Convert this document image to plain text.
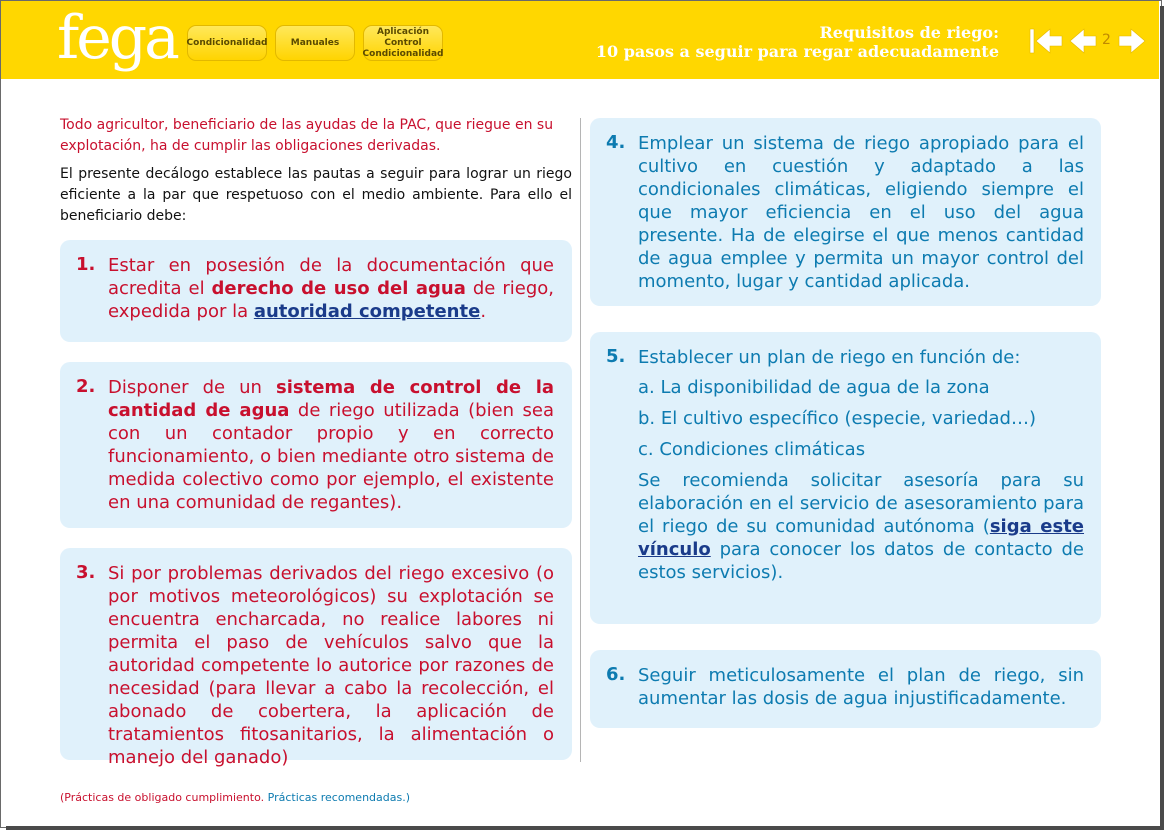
fega Condicionalidad	Manuales
Aplicación
Control
Condicionalidad
Requisitos de riego:
10 pasos a seguir para regar adecuadamente
2
Todo agricultor, beneficiario de las ayudas de la PAC, que riegue en su explotación, ha de cumplir las obligaciones derivadas.
El presente decálogo establece las pautas a seguir para lograr un riego eficiente a la par que respetuoso con el medio ambiente. Para ello el beneficiario debe:
1. Estar en posesión de la documentación que acredita el derecho de uso del agua de riego, expedida por la autoridad competente.
2. Disponer de un sistema de control de la cantidad de agua de riego utilizada (bien sea con un contador propio y en correcto funcionamiento, o bien mediante otro sistema de medida colectivo como por ejemplo, el existente en una comunidad de regantes).
3. Si por problemas derivados del riego excesivo (o por motivos meteorológicos) su explotación se encuentra encharcada, no realice labores ni permita el paso de vehículos salvo que la autoridad competente lo autorice por razones de necesidad (para llevar a cabo la recolección, el abonado de cobertera, la aplicación de tratamientos fitosanitarios, la alimentación o manejo del ganado)
4. Emplear un sistema de riego apropiado para el cultivo en cuestión y adaptado a las condicionales climáticas, eligiendo siempre el que mayor eficiencia en el uso del agua presente. Ha de elegirse el que menos cantidad de agua emplee y permita un mayor control del momento, lugar y cantidad aplicada.
5. Establecer un plan de riego en función de:
a. La disponibilidad de agua de la zona
b. El cultivo específico (especie, variedad…)
c. Condiciones climáticas
Se recomienda solicitar asesoría para su elaboración en el servicio de asesoramiento para el riego de su comunidad autónoma (siga este vínculo para conocer los datos de contacto de estos servicios).
6. Seguir meticulosamente el plan de riego, sin aumentar las dosis de agua injustificadamente.
(Prácticas de obligado cumplimiento. Prácticas recomendadas.)
